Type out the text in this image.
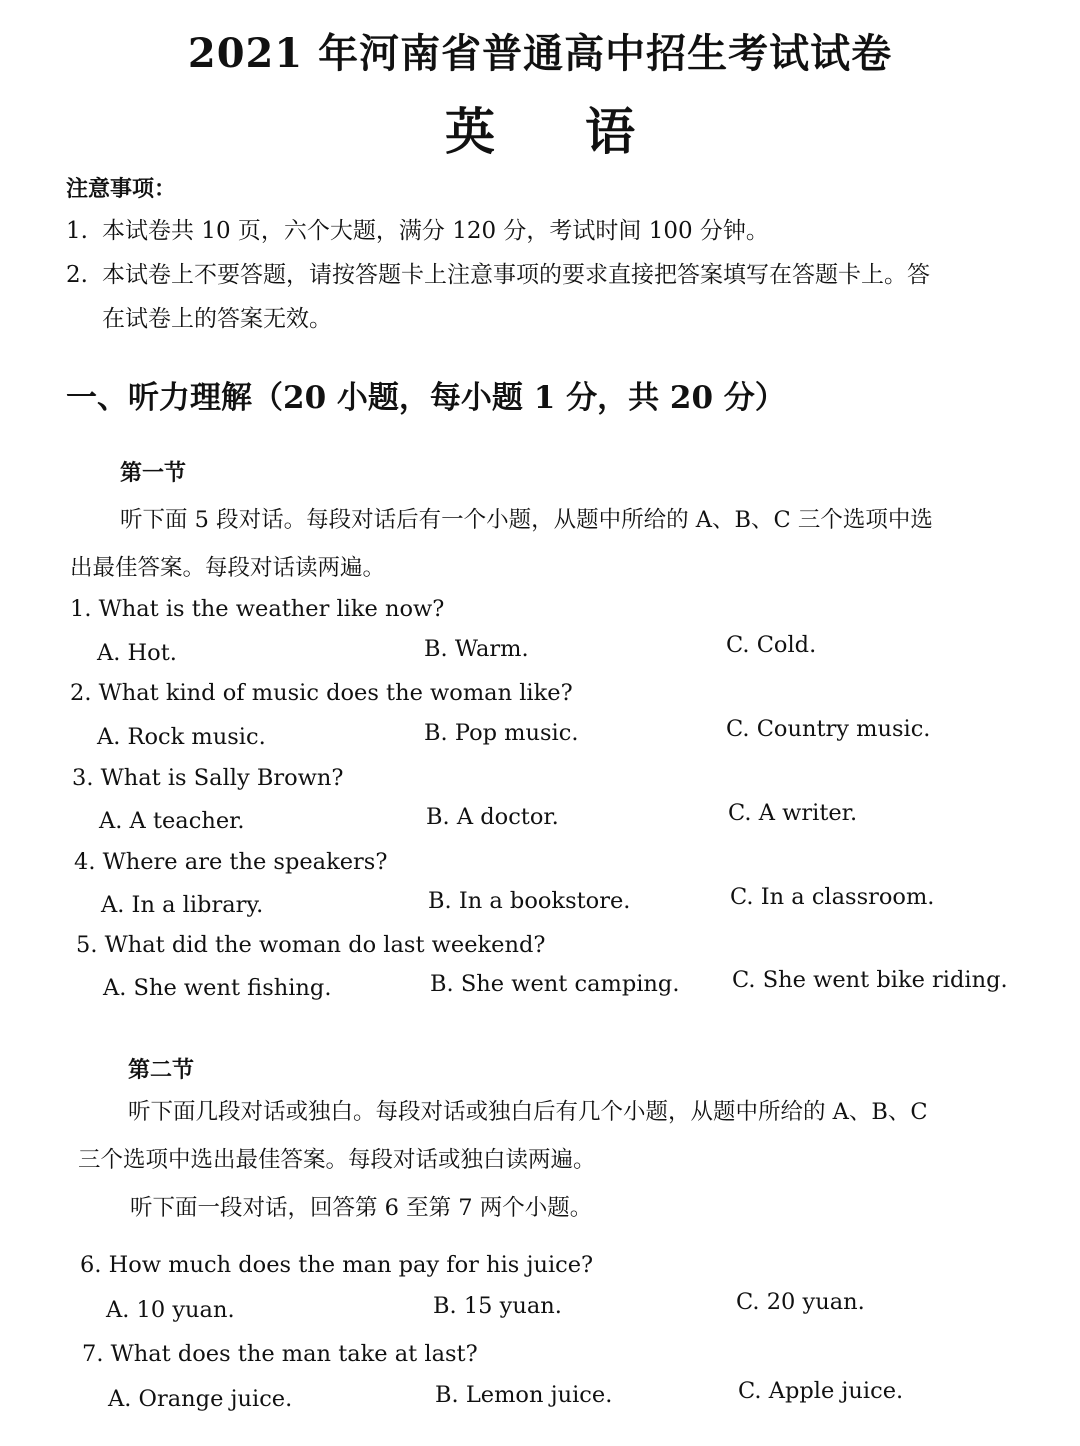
2021 年河南省普通高中招生考试试卷
英语
注意事项：
1. 本试卷共 10 页，六个大题，满分 120 分，考试时间 100 分钟。
2. 本试卷上不要答题，请按答题卡上注意事项的要求直接把答案填写在答题卡上。答
在试卷上的答案无效。
一、听力理解（20 小题，每小题 1 分，共 20 分）
第一节
听下面 5 段对话。每段对话后有一个小题，从题中所给的 A、B、C 三个选项中选
出最佳答案。每段对话读两遍。
1. What is the weather like now?
A. Hot.	B. Warm.	C. Cold.
2. What kind of music does the woman like?
A. Rock music.	B. Pop music.	C. Country music.
3. What is Sally Brown?
A. A teacher.	B. A doctor.	C. A writer.
4. Where are the speakers?
A. In a library.	B. In a bookstore.	C. In a classroom.
5. What did the woman do last weekend?
A. She went fishing.	B. She went camping. C. She went bike riding.
第二节
听下面几段对话或独白。每段对话或独白后有几个小题，从题中所给的 A、B、C
三个选项中选出最佳答案。每段对话或独白读两遍。
听下面一段对话，回答第 6 至第 7 两个小题。
6. How much does the man pay for his juice?
A. 10 yuan.	B. 15 yuan.	C. 20 yuan.
7. What does the man take at last?
A. Orange juice.	B. Lemon juice.	C. Apple juice.
